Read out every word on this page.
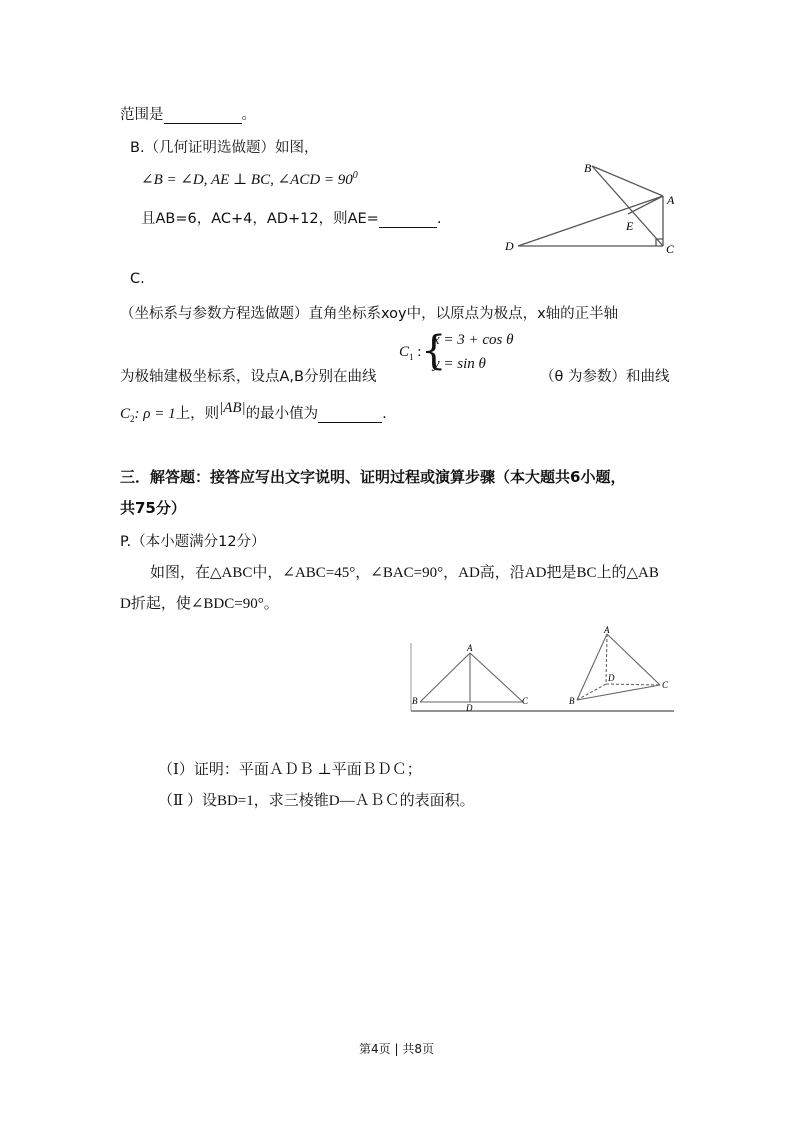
范围是	。
B.（几何证明选做题）如图，
∠B = ∠D, AE ⊥ BC, ∠ACD = $90^0$
且AB=6，AC+4，AD+12，则AE=	.
B
A
E
D	C
C.
（坐标系与参数方程选做题）直角坐标系xoy中，以原点为极点，x轴的正半轴
为极轴建极坐标系，设点A,B分别在曲线
$C_1$ : {
x = 3 + cos θ
y = sin θ
（θ 为参数）和曲线
$C_2$: ρ = 1上，则|AB|的最小值为	.
三．解答题：接答应写出文字说明、证明过程或演算步骤（本大题共6小题，
共75分）
P.（本小题满分12分）
如图，在△ABC中，∠ABC=45°，∠BAC=90°，AD高，沿AD把是BC上的△AB
D折起，使∠BDC=90°。
A
B
D
C
A
B
D
C
（Ⅰ）证明：平面ＡＤＢ ⊥平面ＢＤＣ；
（Ⅱ ）设BD=1，求三棱锥D—ＡＢＣ的表面积。
第4页 | 共8页
